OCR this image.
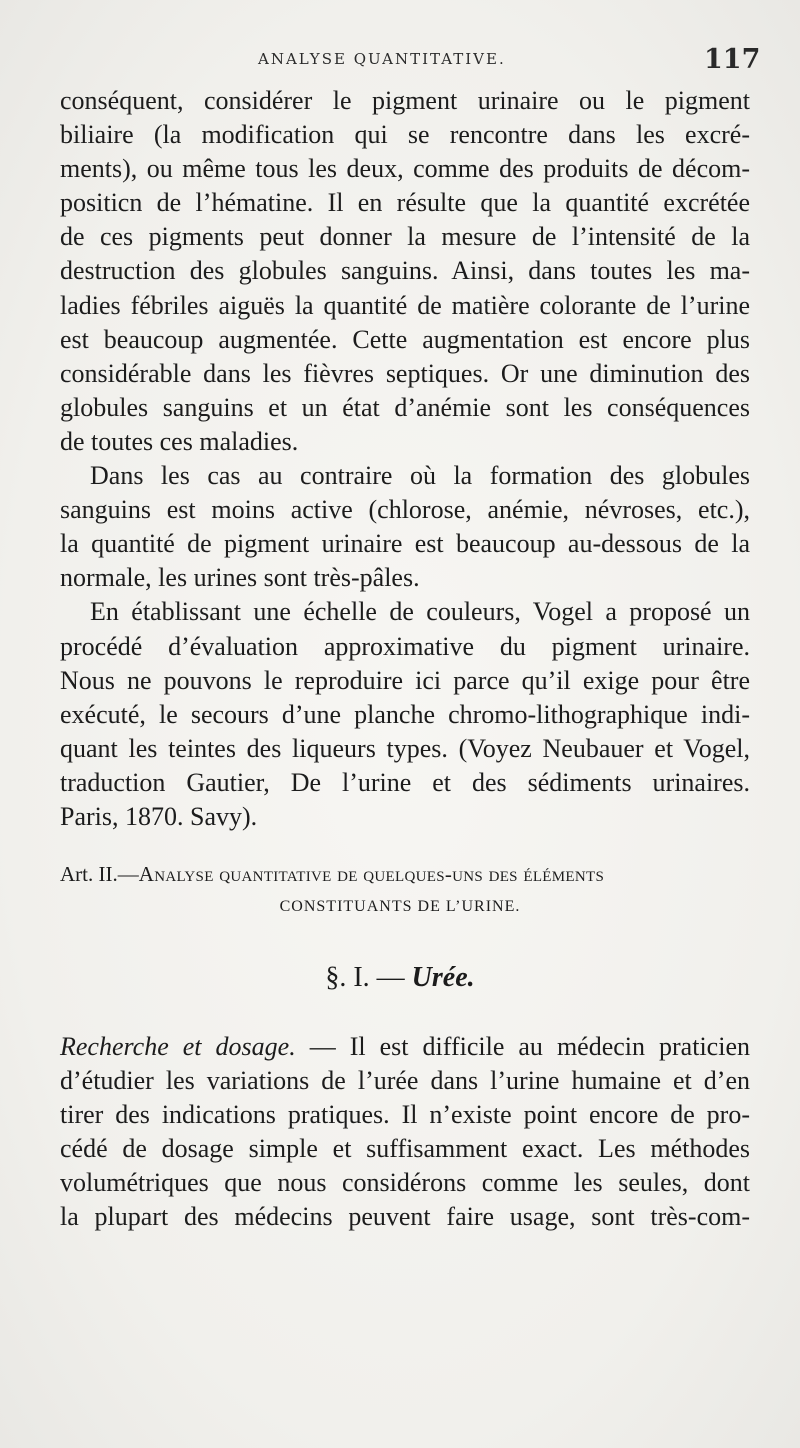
ANALYSE QUANTITATIVE.	117
conséquent, considérer le pigment urinaire ou le pigment
biliaire (la modification qui se rencontre dans les excré-
ments), ou même tous les deux, comme des produits de décom-
positicn de l’hématine. Il en résulte que la quantité excrétée
de ces pigments peut donner la mesure de l’intensité de la
destruction des globules sanguins. Ainsi, dans toutes les ma-
ladies fébriles aiguës la quantité de matière colorante de l’urine
est beaucoup augmentée. Cette augmentation est encore plus
considérable dans les fièvres septiques. Or une diminution des
globules sanguins et un état d’anémie sont les conséquences
de toutes ces maladies.
Dans les cas au contraire où la formation des globules
sanguins est moins active (chlorose, anémie, névroses, etc.),
la quantité de pigment urinaire est beaucoup au-dessous de la
normale, les urines sont très-pâles.
En établissant une échelle de couleurs, Vogel a proposé un
procédé d’évaluation approximative du pigment urinaire.
Nous ne pouvons le reproduire ici parce qu’il exige pour être
exécuté, le secours d’une planche chromo-lithographique indi-
quant les teintes des liqueurs types. (Voyez Neubauer et Vogel,
traduction Gautier, De l’urine et des sédiments urinaires.
Paris, 1870. Savy).
Art. II.—Analyse quantitative de quelques-uns des éléments
CONSTITUANTS DE L’URINE.
§. I. — Urée.
Recherche et dosage. — Il est difficile au médecin praticien
d’étudier les variations de l’urée dans l’urine humaine et d’en
tirer des indications pratiques. Il n’existe point encore de pro-
cédé de dosage simple et suffisamment exact. Les méthodes
volumétriques que nous considérons comme les seules, dont
la plupart des médecins peuvent faire usage, sont très-com-
